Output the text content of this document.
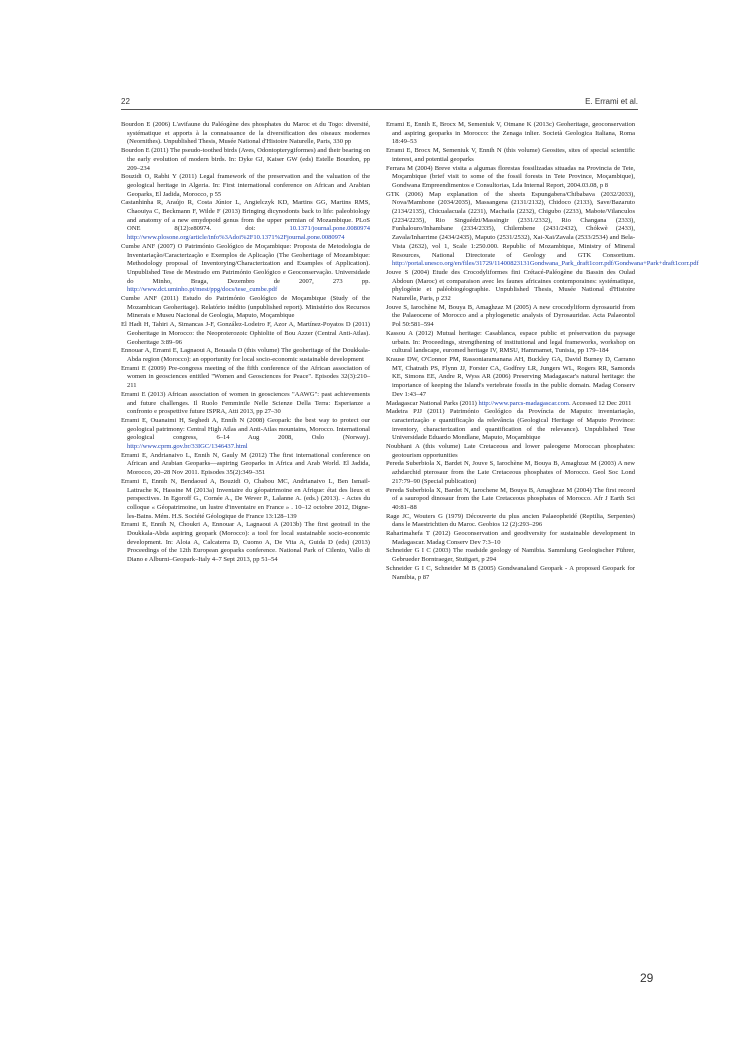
22	E. Errami et al.

Bourdon E (2006) L'avifaune du Paléogène des phosphates du Maroc et du Togo: diversité, systématique et apports à la connaissance de la diversification des oiseaux modernes (Neornithes). Unpublished Thesis, Musée National d'Histoire Naturelle, Paris, 330 pp

Bourdon E (2011) The pseudo-toothed birds (Aves, Odontopterygiformes) and their bearing on the early evolution of modern birds. In: Dyke GJ, Kaiser GW (eds) Estelle Bourdon, pp 209–234

Bouzidi O, Rabhi Y (2011) Legal framework of the preservation and the valuation of the geological heritage in Algeria. In: First international conference on African and Arabian Geoparks, El Jadida, Morocco, p 55

Castanhinha R, Araújo R, Costa Júnior L, Angielczyk KD, Martins GG, Martins RMS, Chaouiya C, Beckmann F, Wilde F (2013) Bringing dicynodonts back to life: paleobiology and anatomy of a new emydopoid genus from the upper permian of Mozambique. PLoS ONE 8(12):e80974. doi:	10.1371/journal.pone.0080974 http://www.plosone.org/article/info%3Adoi%2F10.1371%2Fjournal.pone.0080974

Cumbe ANF (2007) O Património Geológico de Moçambique: Proposta de Metodologia de Inventariação/Caracterização e Exemplos de Aplicação (The Geoheritage of Mozambique: Methodology proposal of Inventorying/Characterization and Examples of Application). Unpublished Tese de Mestrado em Património Geológico e Geoconservação. Universidade do Minho, Braga, Dezembro de 2007, 273 pp. http://www.dct.uminho.pt/mest/ppg/docs/tese_cumbe.pdf

Cumbe ANF (2011) Estudo do Património Geológico de Moçambique (Study of the Mozambican Geoheritage). Relatório inédito (unpublished report). Ministério dos Recursos Minerais e Museu Nacional de Geologia, Maputo, Moçambique

El Hadi H, Tahiri A, Simancas J-F, González-Lodeiro F, Azor A, Martínez-Poyatos D (2011) Geoheritage in Morocco: the Neoproterozoic Ophiolite of Bou Azzer (Central Anti-Atlas). Geoheritage 3:89–96

Ennouar A, Errami E, Lagnaoui A, Bouaala O (this volume) The geoheritage of the Doukkala-Abda region (Morocco): an opportunity for local socio-economic sustainable development

Errami E (2009) Pre-congress meeting of the fifth conference of the African association of women in geosciences entitled "Women and Geosciences for Peace". Episodes 32(3):210–211

Errami E (2013) African association of women in geosciences "AAWG": past achievements and future challenges. Il Ruolo Femminile Nelle Scienze Della Terra: Esperianze a confronto e prospettive future ISPRA, Atti 2013, pp 27–30

Errami E, Ouanaimi H, Seghedi A, Ennih N (2008) Geopark: the best way to protect our geological patrimony: Central High Atlas and Anti-Atlas mountains, Morocco. International geological congress, 6–14 Aug 2008, Oslo (Norway). http://www.cprm.gov.br/33IGC/1346437.html

Errami E, Andrianaivo L, Ennih N, Gauly M (2012) The first international conference on African and Arabian Geoparks—aspiring Geoparks in Africa and Arab World. El Jadida, Morocco, 20–28 Nov 2011. Episodes 35(2):349–351

Errami E, Ennih N, Bendaoud A, Bouzidi O, Chabou MC, Andrianaivo L, Ben Ismail-Lattrache K, Hassine M (2013a) Inventaire du géopatrimoine en Afrique: état des lieux et perspectives. In Egoroff G., Cornée A., De Wever P., Lalanne A. (eds.) (2013). - Actes du colloque « Géopatrimoine, un lustre d'inventaire en France » . 10–12 octobre 2012, Digne-les-Bains. Mém. H.S. Société Géologique de France 13:128–139

Errami E, Ennih N, Choukri A, Ennouar A, Lagnaoui A (2013b) The first geotrail in the Doukkala-Abda aspiring geopark (Morocco): a tool for local sustainable socio-economic development. In: Aloia A, Calcaterra D, Cuomo A, De Vita A, Guida D (eds) (2013) Proceedings of the 12th European geoparks conference. National Park of Cilento, Vallo di Diano e Alburni–Geopark–Italy 4–7 Sept 2013, pp 51–54

Errami E, Ennih E, Brocx M, Semeniuk V, Otmane K (2013c) Geoheritage, geoconservation and aspiring geoparks in Morocco: the Zenaga inlier. Società Geologica Italiana, Roma 18:49–53

Errami E, Brocx M, Semeniuk V, Ennih N (this volume) Geosites, sites of special scientific interest, and potential geoparks

Ferrara M (2004) Breve visita a algumas florestas fossilizadas situadas na Provincia de Tete, Moçambique (brief visit to some of the fossil forests in Tete Province, Moçambique), Gondwana Empreendimentos e Consultorias, Lda Internal Report, 2004.03.08, p 8

GTK (2006) Map explanation of the sheets Espungabera/Chibabava (2032/2033), Nova/Mambone (2034/2035), Massangena (2131/2132), Chidoco (2133), Save/Bazaruto (2134/2135), Chicualacuala (2231), Machaila (2232), Chigubo (2233), Mabote/Vilanculos (2234/2235), Rio Singuédzi/Massingir (2331/2332), Rio Changana (2333), Funhalouro/Inhambane (2334/2335), Chilembene (2431/2432), Chókwè (2433), Zavala/Inharrime (2434/2435), Maputo (2531/2532), Xai-Xai/Zavala (2533/2534) and Bela-Vista (2632), vol 1, Scale 1:250.000. Republic of Mozambique, Ministry of Mineral Resources, National Directorate of Geology and GTK Consortium. http://portal.unesco.org/en/files/31729/11400823131Gondwana_Park_draft1corr.pdf/Gondwana+Park+draft1corr.pdf

Jouve S (2004) Etude des Crocodyliformes fini Crétacé-Paléogène du Bassin des Oulad Abdoun (Maroc) et comparaison avec les faunes africaines contemporaines: systématique, phylogénie et paléobiogéographie. Unpublished Thesis, Musée National d'Histoire Naturelle, Paris, p 232

Jouve S, Iarochène M, Bouya B, Amaghzaz M (2005) A new crocodyliform dyrosaurid from the Palaeocene of Morocco and a phylogenetic analysis of Dyrosauridae. Acta Palaeontol Pol 50:581–594

Kassou A (2012) Mutual heritage: Casablanca, espace public et préservation du paysage urbain. In: Proceedings, strengthening of institutional and legal frameworks, workshop on cultural landscape, euromed heritage IV, RMSU, Hammamet, Tunisia, pp 179–184

Krause DW, O'Connor PM, Rassoniaramanana AH, Buckley GA, David Burney D, Carrano MT, Chatrath PS, Flynn JJ, Forster CA, Godfrey LR, Jungers WL, Rogers RR, Samonds KE, Simons EE, Andre R, Wyss AR (2006) Preserving Madagascar's natural heritage: the importance of keeping the Island's vertebrate fossils in the public domain. Madag Conserv Dev 1:43–47

Madagascar National Parks (2011) http://www.parcs-madagascar.com. Accessed 12 Dec 2011

Madeira PJJ (2011) Património Geológico da Província de Maputo: inventariação, caracterização e quantificação da relevância (Geological Heritage of Maputo Province: inventory, characterization and quantification of the relevance). Unpublished Tese Universidade Eduardo Mondlane, Maputo, Moçambique

Noubhani A (this volume) Late Cretaceous and lower paleogene Moroccan phosphates: geotourism opportunities

Pereda Suberbiola X, Bardet N, Jouve S, Iarochène M, Bouya B, Amaghzaz M (2003) A new azhdarchid pterosaur from the Late Cretaceous phosphates of Morocco. Geol Soc Lond 217:79–90 (Special publication)

Pereda Suberbiola X, Bardet N, Iarochene M, Bouya B, Amaghzaz M (2004) The first record of a sauropod dinosaur from the Late Cretaceous phosphates of Morocco. Afr J Earth Sci 40:81–88

Rage JC, Wouters G (1979) Découverte du plus ancien Palaeopheidé (Reptilia, Serpentes) dans le Maestrichtien du Maroc. Geobios 12 (2):293–296

Raharimahefa T (2012) Geoconservation and geodiversity for sustainable development in Madagascar. Madag Conserv Dev 7:3–10

Schneider G I C (2003) The roadside geology of Namibia. Sammlung Geologischer Führer, Gebrueder Borntraeger, Stuttgart, p 294

Schneider G I C, Schneider M B (2005) Gondwanaland Geopark - A proposed Geopark for Namibia, p 87

29
